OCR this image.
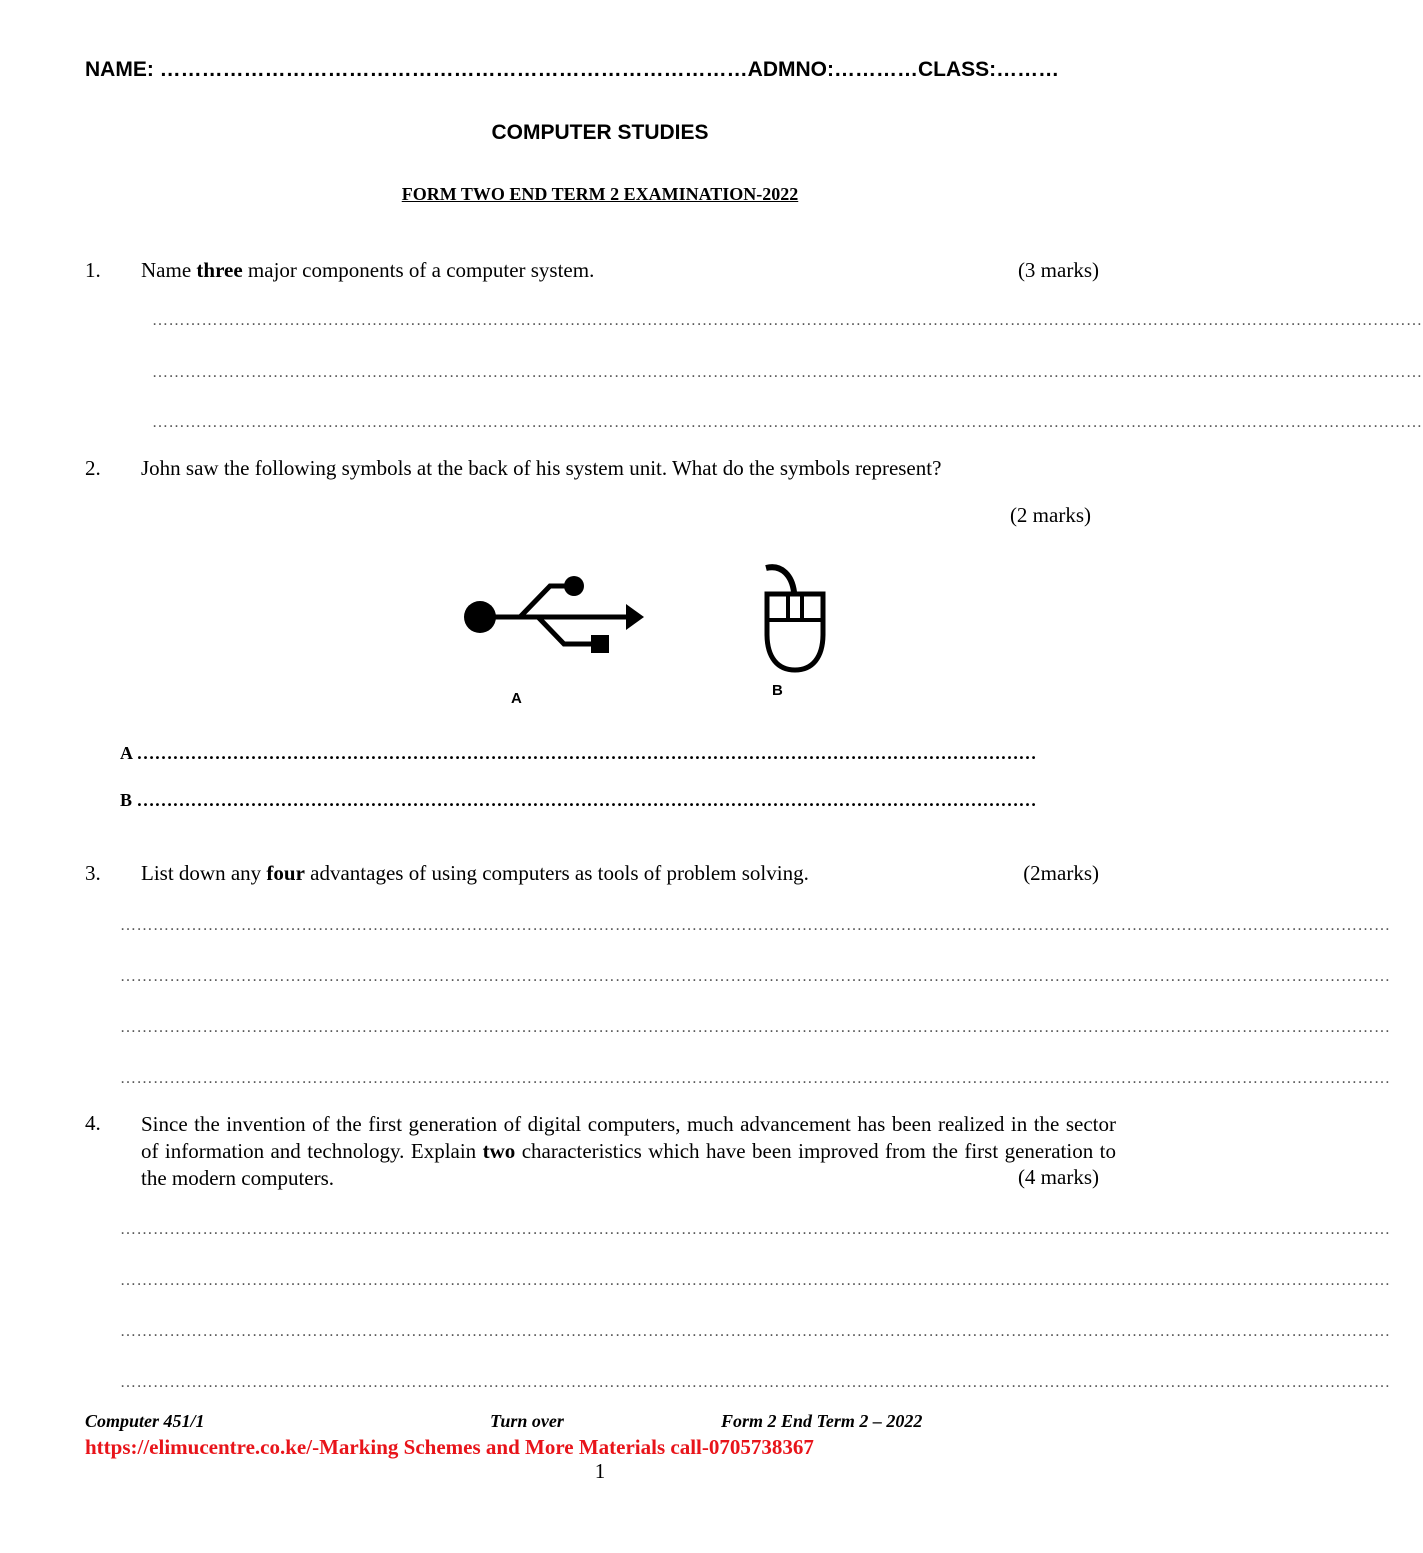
NAME: …………………………………………………………………………ADMNO:…………CLASS:………
COMPUTER STUDIES
FORM TWO END TERM 2 EXAMINATION-2022
1. Name three major components of a computer system.	(3 marks)
……………………………………………………………………………………………………………………………………………………………………………………………………………
……………………………………………………………………………………………………………………………………………………………………………………………………………
……………………………………………………………………………………………………………………………………………………………………………………………………………
2. John saw the following symbols at the back of his system unit. What do the symbols represent?
(2 marks)
A	B
A ……………………………………………………………………………………………………………………………………
B ……………………………………………………………………………………………………………………………………
3. List down any four advantages of using computers as tools of problem solving.	(2marks)
……………………………………………………………………………………………………………………………………………………………………………………………………………
……………………………………………………………………………………………………………………………………………………………………………………………………………
……………………………………………………………………………………………………………………………………………………………………………………………………………
……………………………………………………………………………………………………………………………………………………………………………………………………………
4. Since the invention of the first generation of digital computers, much advancement has been realized in the sector of information and technology. Explain two characteristics which have been improved from the first generation to the modern computers.	(4 marks)
……………………………………………………………………………………………………………………………………………………………………………………………………………
……………………………………………………………………………………………………………………………………………………………………………………………………………
……………………………………………………………………………………………………………………………………………………………………………………………………………
……………………………………………………………………………………………………………………………………………………………………………………………………………
Computer 451/1	Turn over	Form 2 End Term 2 – 2022
https://elimucentre.co.ke/-Marking Schemes and More Materials call-0705738367
1
